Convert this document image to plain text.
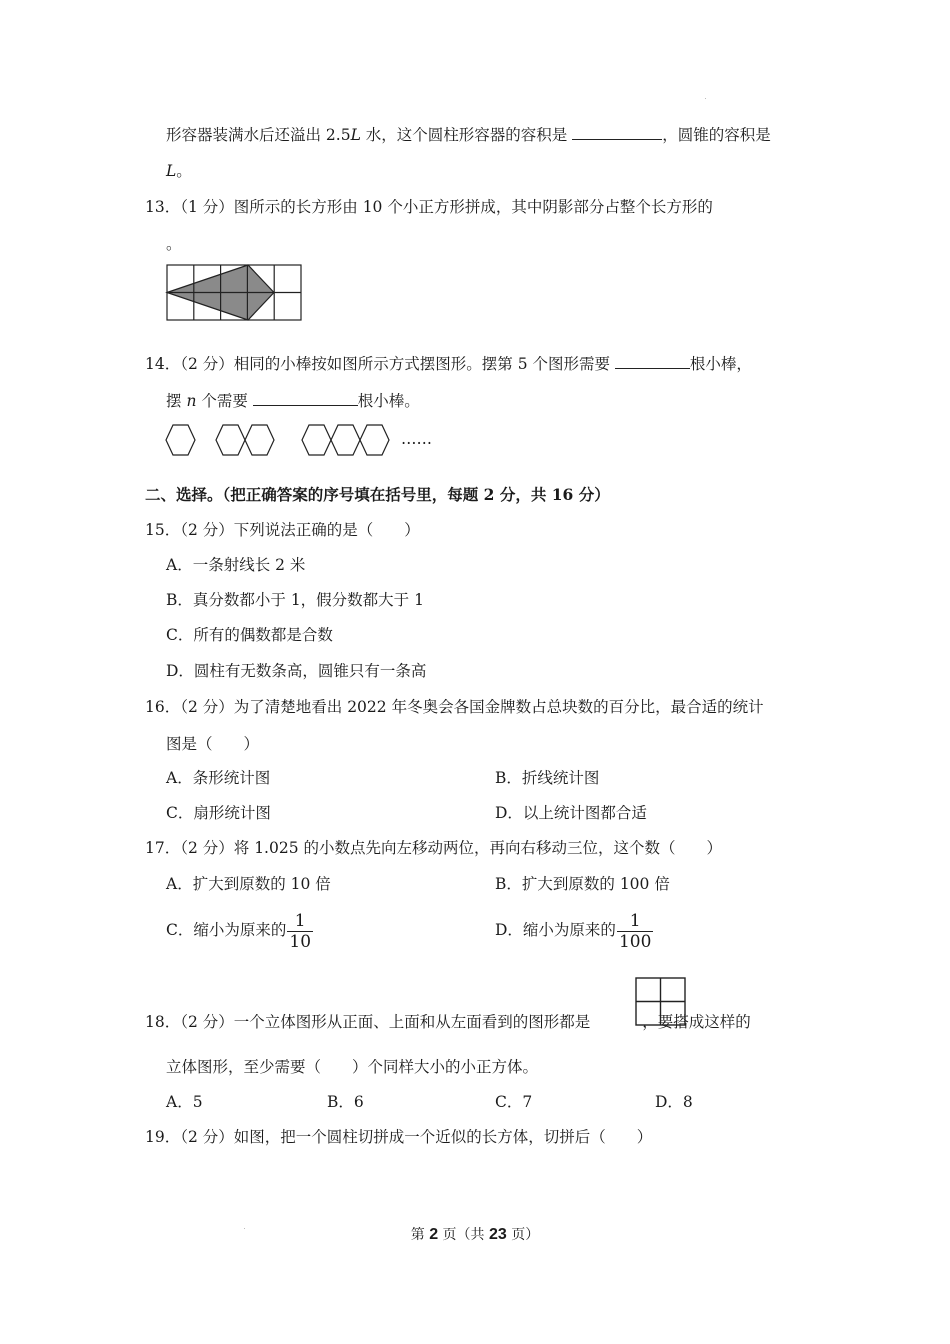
形容器装满水后还溢出 2.5L 水，这个圆柱形容器的容积是	，圆锥的容积是
L。
13．（1 分）图所示的长方形由 10 个小正方形拼成，其中阴影部分占整个长方形的
。
14．（2 分）相同的小棒按如图所示方式摆图形。摆第 5 个图形需要	根小棒，
摆 n 个需要	根小棒。
……
二、选择。（把正确答案的序号填在括号里，每题 2 分，共 16 分）
15．（2 分）下列说法正确的是（　　）
A．一条射线长 2 米
B．真分数都小于 1，假分数都大于 1
C．所有的偶数都是合数
D．圆柱有无数条高，圆锥只有一条高
16．（2 分）为了清楚地看出 2022 年冬奥会各国金牌数占总块数的百分比，最合适的统计
图是（　　）
A．条形统计图	B．折线统计图
C．扇形统计图	D．以上统计图都合适
17．（2 分）将 1.025 的小数点先向左移动两位，再向右移动三位，这个数（　　）
A．扩大到原数的 10 倍	B．扩大到原数的 100 倍
C．缩小为原来的 $\frac{1}{10}$	D．缩小为原来的 $\frac{1}{100}$
18．（2 分）一个立体图形从正面、上面和从左面看到的图形都是	，要搭成这样的
立体图形，至少需要（　　）个同样大小的小正方体。
A．5	B．6	C．7	D．8
19．（2 分）如图，把一个圆柱切拼成一个近似的长方体，切拼后（　　）
第 2 页（共 23 页）
